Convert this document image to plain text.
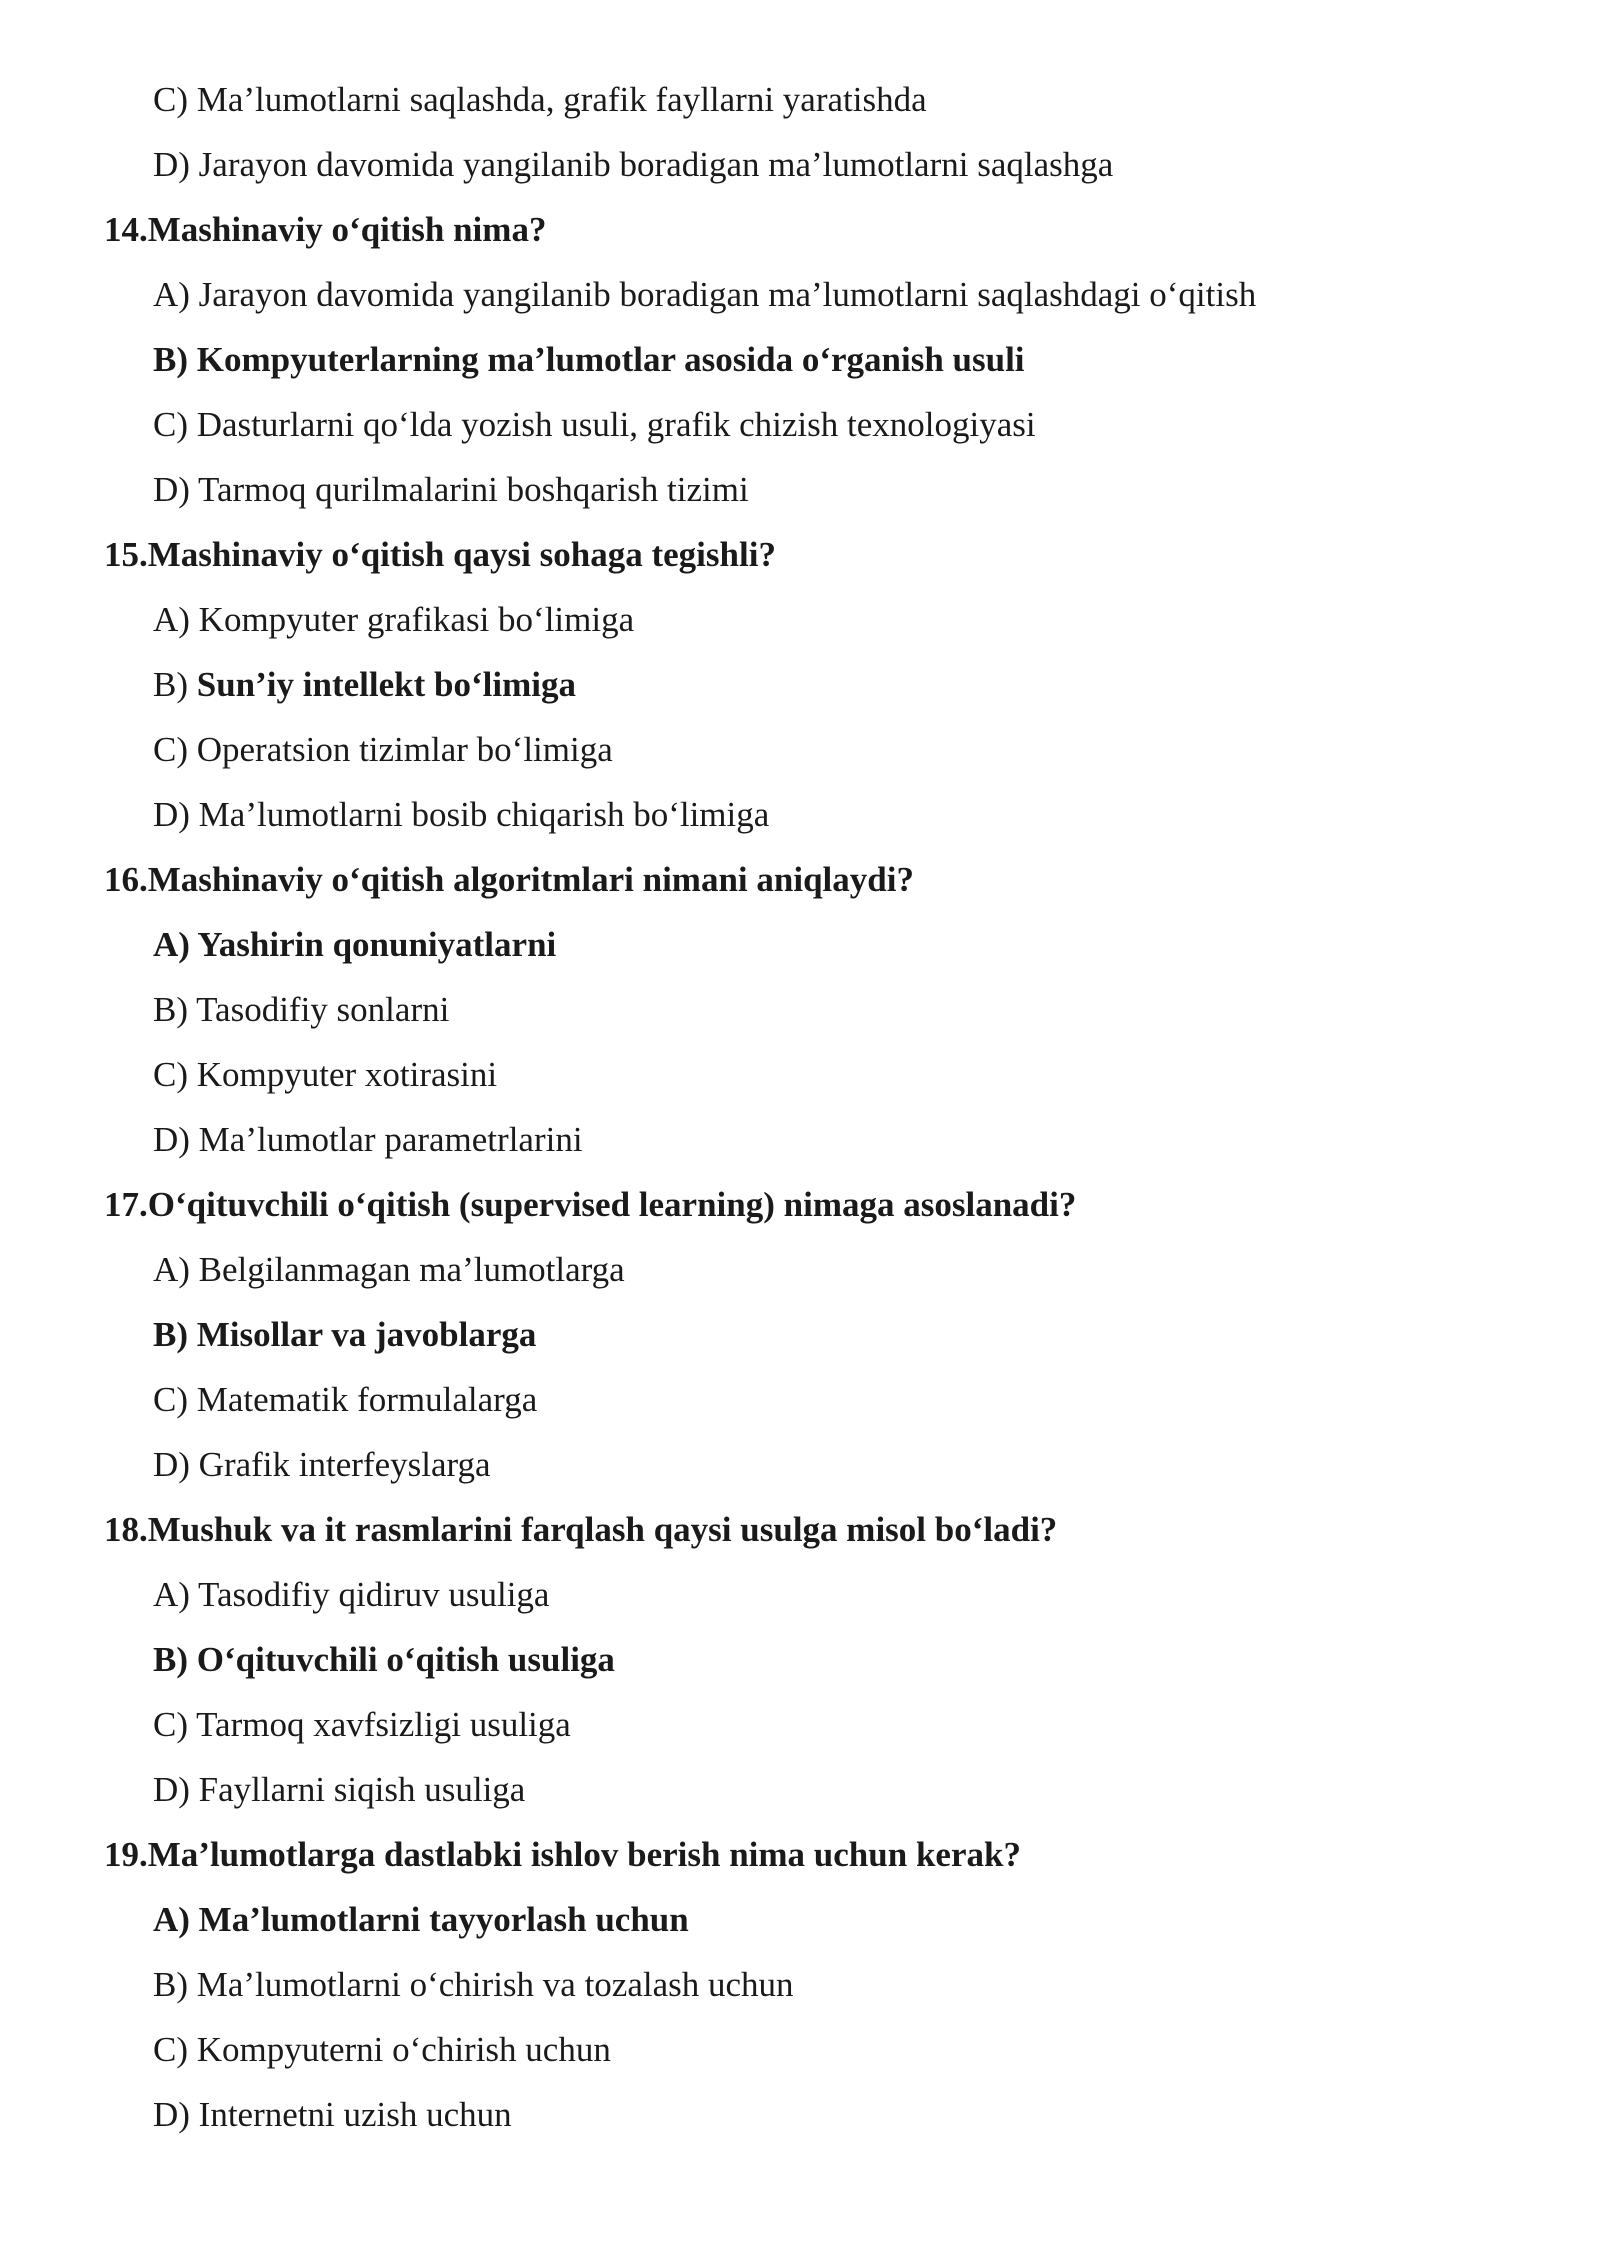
C) Ma’lumotlarni saqlashda, grafik fayllarni yaratishda
D) Jarayon davomida yangilanib boradigan ma’lumotlarni saqlashga
14.Mashinaviy o‘qitish nima?
A) Jarayon davomida yangilanib boradigan ma’lumotlarni saqlashdagi o‘qitish
B) Kompyuterlarning ma’lumotlar asosida o‘rganish usuli
C) Dasturlarni qo‘lda yozish usuli, grafik chizish texnologiyasi
D) Tarmoq qurilmalarini boshqarish tizimi
15.Mashinaviy o‘qitish qaysi sohaga tegishli?
A) Kompyuter grafikasi bo‘limiga
B) Sun’iy intellekt bo‘limiga
C) Operatsion tizimlar bo‘limiga
D) Ma’lumotlarni bosib chiqarish bo‘limiga
16.Mashinaviy o‘qitish algoritmlari nimani aniqlaydi?
A) Yashirin qonuniyatlarni
B) Tasodifiy sonlarni
C) Kompyuter xotirasini
D) Ma’lumotlar parametrlarini
17.O‘qituvchili o‘qitish (supervised learning) nimaga asoslanadi?
A) Belgilanmagan ma’lumotlarga
B) Misollar va javoblarga
C) Matematik formulalarga
D) Grafik interfeyslarga
18.Mushuk va it rasmlarini farqlash qaysi usulga misol bo‘ladi?
A) Tasodifiy qidiruv usuliga
B) O‘qituvchili o‘qitish usuliga
C) Tarmoq xavfsizligi usuliga
D) Fayllarni siqish usuliga
19.Ma’lumotlarga dastlabki ishlov berish nima uchun kerak?
A) Ma’lumotlarni tayyorlash uchun
B) Ma’lumotlarni o‘chirish va tozalash uchun
C) Kompyuterni o‘chirish uchun
D) Internetni uzish uchun
